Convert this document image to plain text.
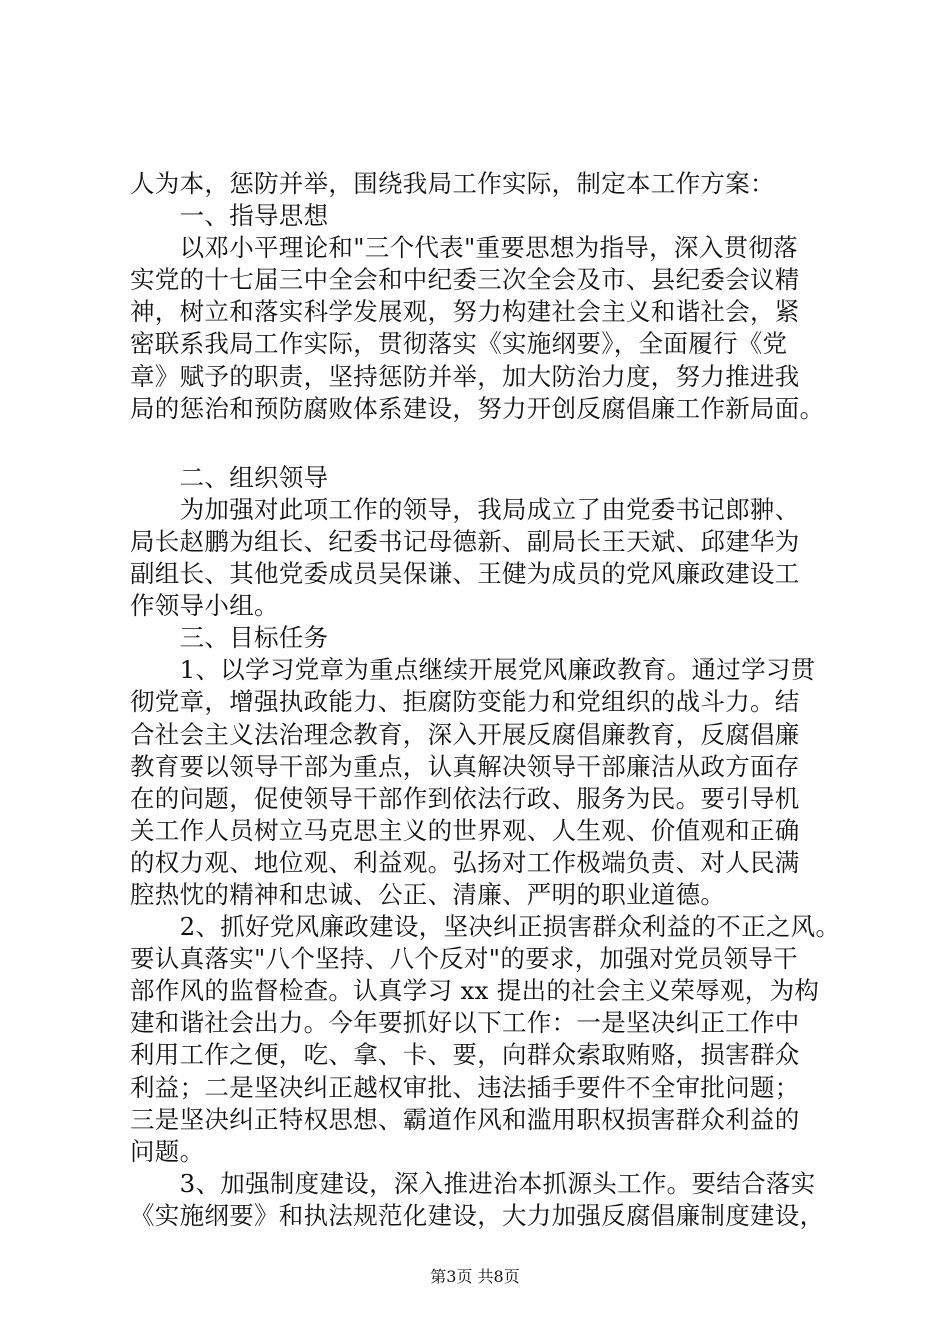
人为本，惩防并举，围绕我局工作实际，制定本工作方案：
　　一、指导思想
　　以邓小平理论和"三个代表"重要思想为指导，深入贯彻落
实党的十七届三中全会和中纪委三次全会及市、县纪委会议精
神，树立和落实科学发展观，努力构建社会主义和谐社会，紧
密联系我局工作实际，贯彻落实《实施纲要》，全面履行《党
章》赋予的职责，坚持惩防并举，加大防治力度，努力推进我
局的惩治和预防腐败体系建设，努力开创反腐倡廉工作新局面。
　　二、组织领导
　　为加强对此项工作的领导，我局成立了由党委书记郎翀、
局长赵鹏为组长、纪委书记母德新、副局长王天斌、邱建华为
副组长、其他党委成员吴保谦、王健为成员的党风廉政建设工
作领导小组。
　　三、目标任务
　　1、以学习党章为重点继续开展党风廉政教育。通过学习贯
彻党章，增强执政能力、拒腐防变能力和党组织的战斗力。结
合社会主义法治理念教育，深入开展反腐倡廉教育，反腐倡廉
教育要以领导干部为重点，认真解决领导干部廉洁从政方面存
在的问题，促使领导干部作到依法行政、服务为民。要引导机
关工作人员树立马克思主义的世界观、人生观、价值观和正确
的权力观、地位观、利益观。弘扬对工作极端负责、对人民满
腔热忱的精神和忠诚、公正、清廉、严明的职业道德。
　　2、抓好党风廉政建设，坚决纠正损害群众利益的不正之风。
要认真落实"八个坚持、八个反对"的要求，加强对党员领导干
部作风的监督检查。认真学习 xx 提出的社会主义荣辱观，为构
建和谐社会出力。今年要抓好以下工作：一是坚决纠正工作中
利用工作之便，吃、拿、卡、要，向群众索取贿赂，损害群众
利益；二是坚决纠正越权审批、违法插手要件不全审批问题；
三是坚决纠正特权思想、霸道作风和滥用职权损害群众利益的
问题。
　　3、加强制度建设，深入推进治本抓源头工作。要结合落实
《实施纲要》和执法规范化建设，大力加强反腐倡廉制度建设，
第3页 共8页
